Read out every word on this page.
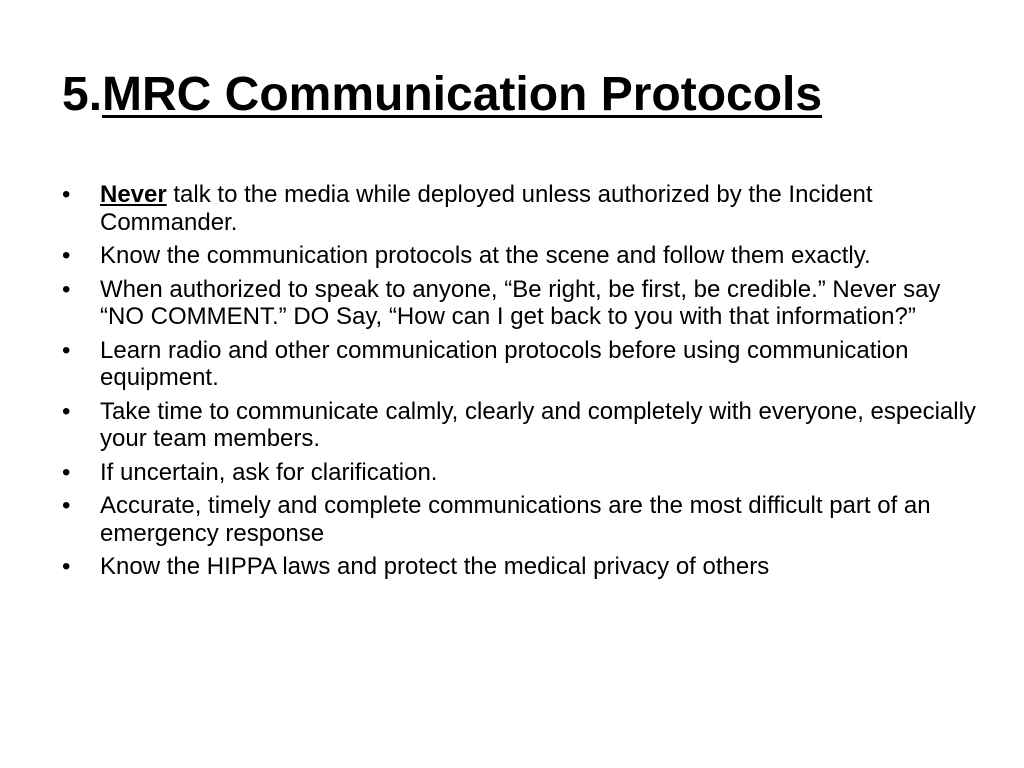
5.MRC Communication Protocols
• Never talk to the media while deployed unless authorized by the Incident Commander.
• Know the communication protocols at the scene and follow them exactly.
• When authorized to speak to anyone, “Be right, be first, be credible.” Never say “NO COMMENT.” DO Say, “How can I get back to you with that information?”
• Learn radio and other communication protocols before using communication equipment.
• Take time to communicate calmly, clearly and completely with everyone, especially your team members.
• If uncertain, ask for clarification.
• Accurate, timely and complete communications are the most difficult part of an emergency response
• Know the HIPPA laws and protect the medical privacy of others
